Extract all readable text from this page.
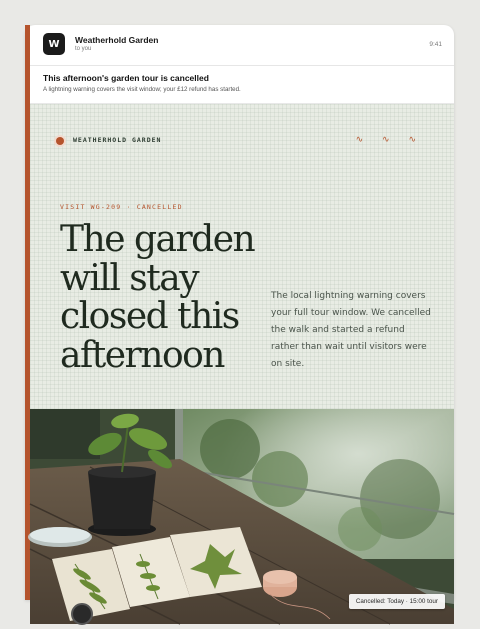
W	Weatherhold Garden
to you
9:41
This afternoon's garden tour is cancelled
A lightning warning covers the visit window; your £12 refund has started.
WEATHERHOLD GARDEN	∿ ∿ ∿
VISIT WG-209 · CANCELLED
The garden will stay closed this afternoon
The local lightning warning covers your full tour window. We cancelled the walk and started a refund rather than wait until visitors were on site.
Cancelled: Today · 15:00 tour
